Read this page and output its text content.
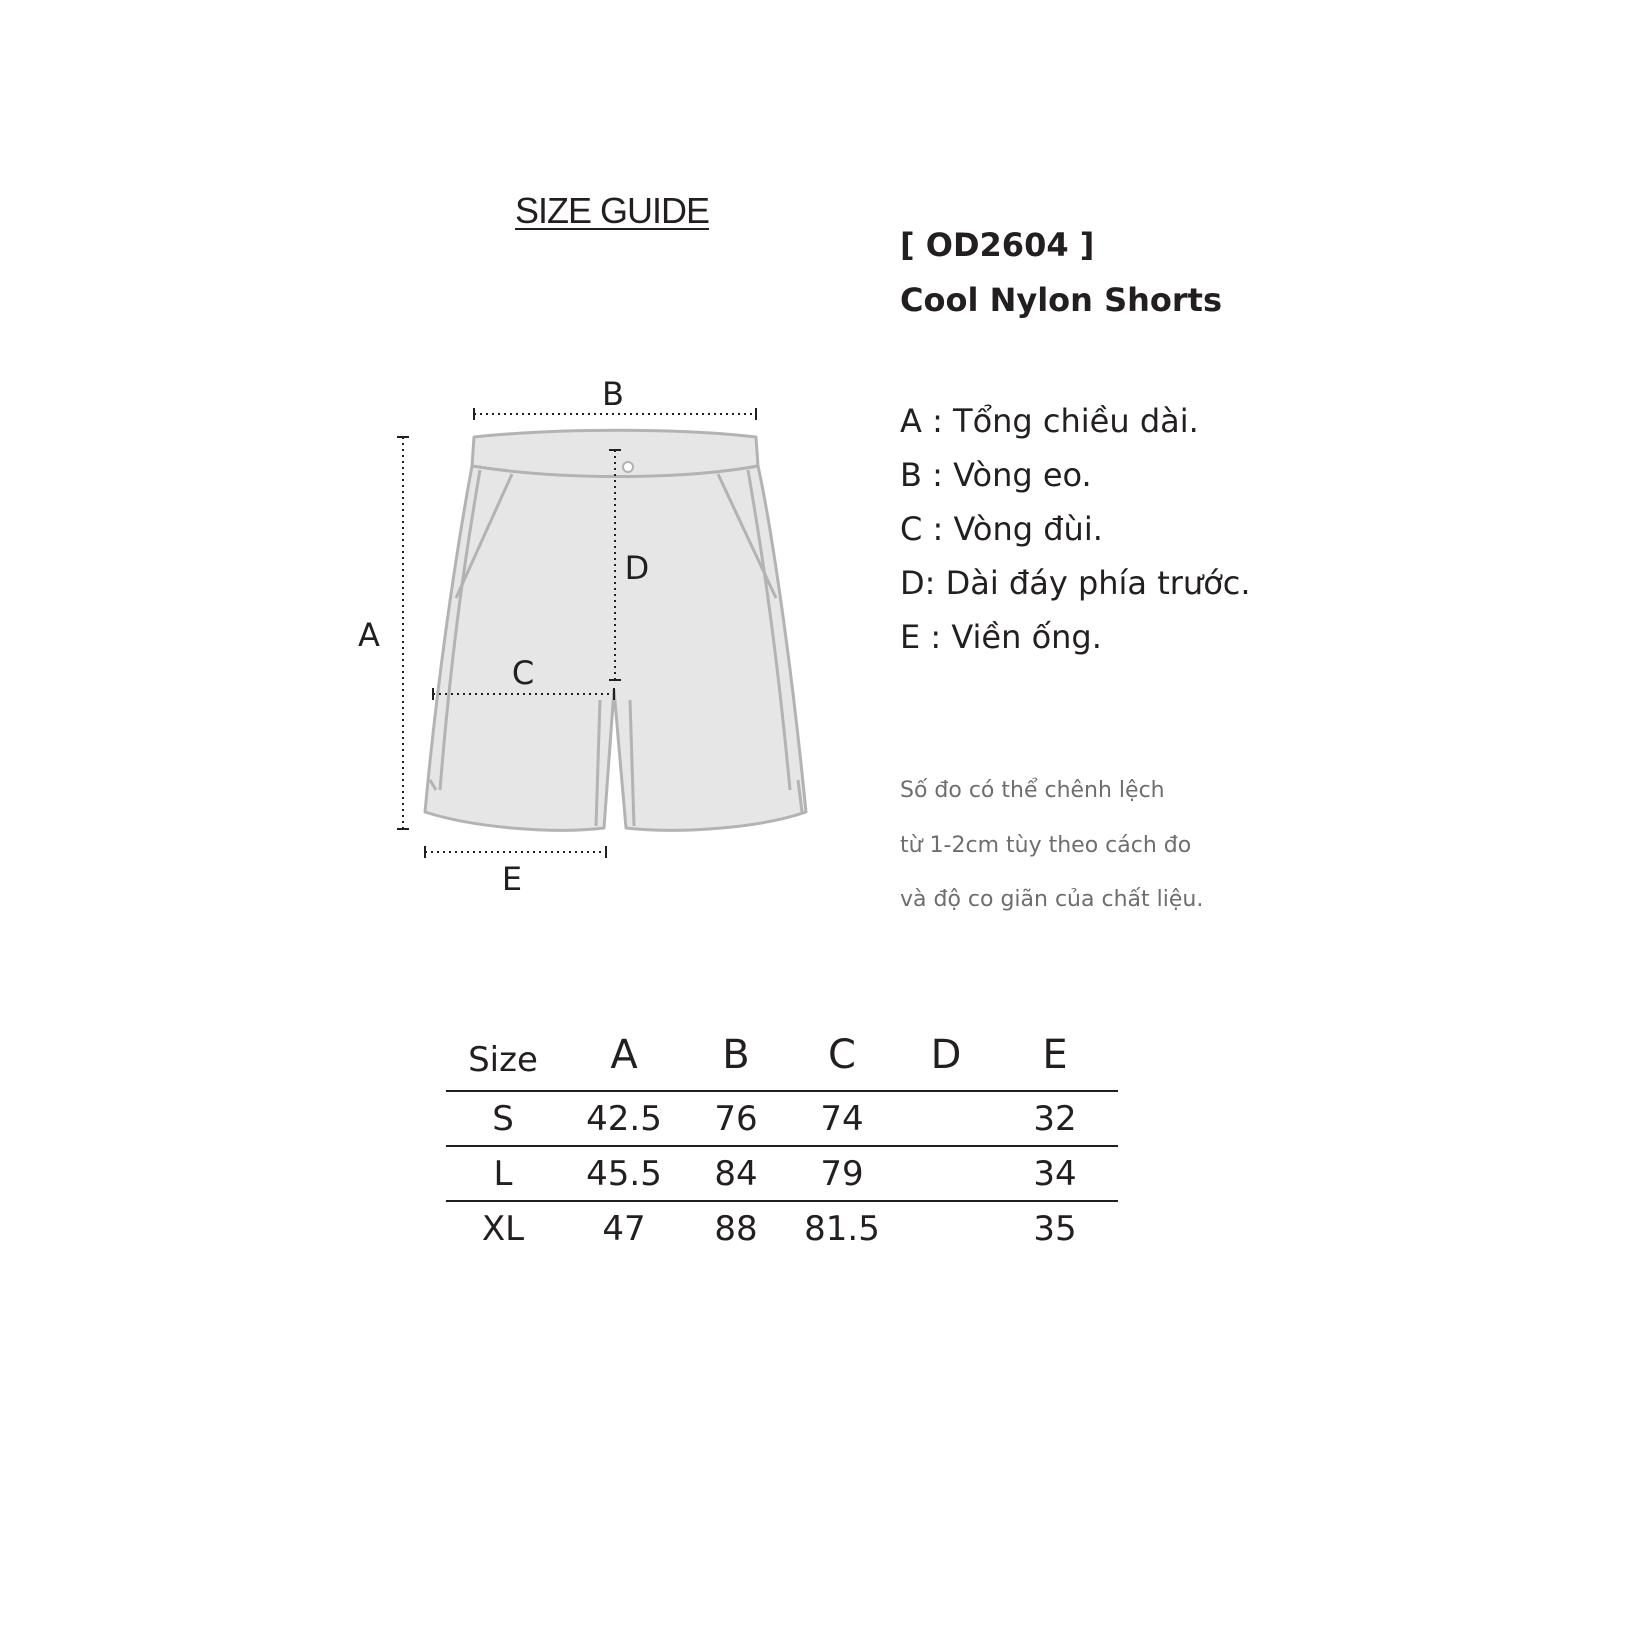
SIZE GUIDE
[ OD2604 ]
Cool Nylon Shorts
A : Tổng chiều dài.
B : Vòng eo.
C : Vòng đùi.
D: Dài đáy phía trước.
E : Viền ống.
Số đo có thể chênh lệch
từ 1-2cm tùy theo cách đo
và độ co giãn của chất liệu.
B
A
D
C
E
Size	A	B	C	D	E
S	42.5	76	74		32
L	45.5	84	79		34
XL	47	88	81.5		35
